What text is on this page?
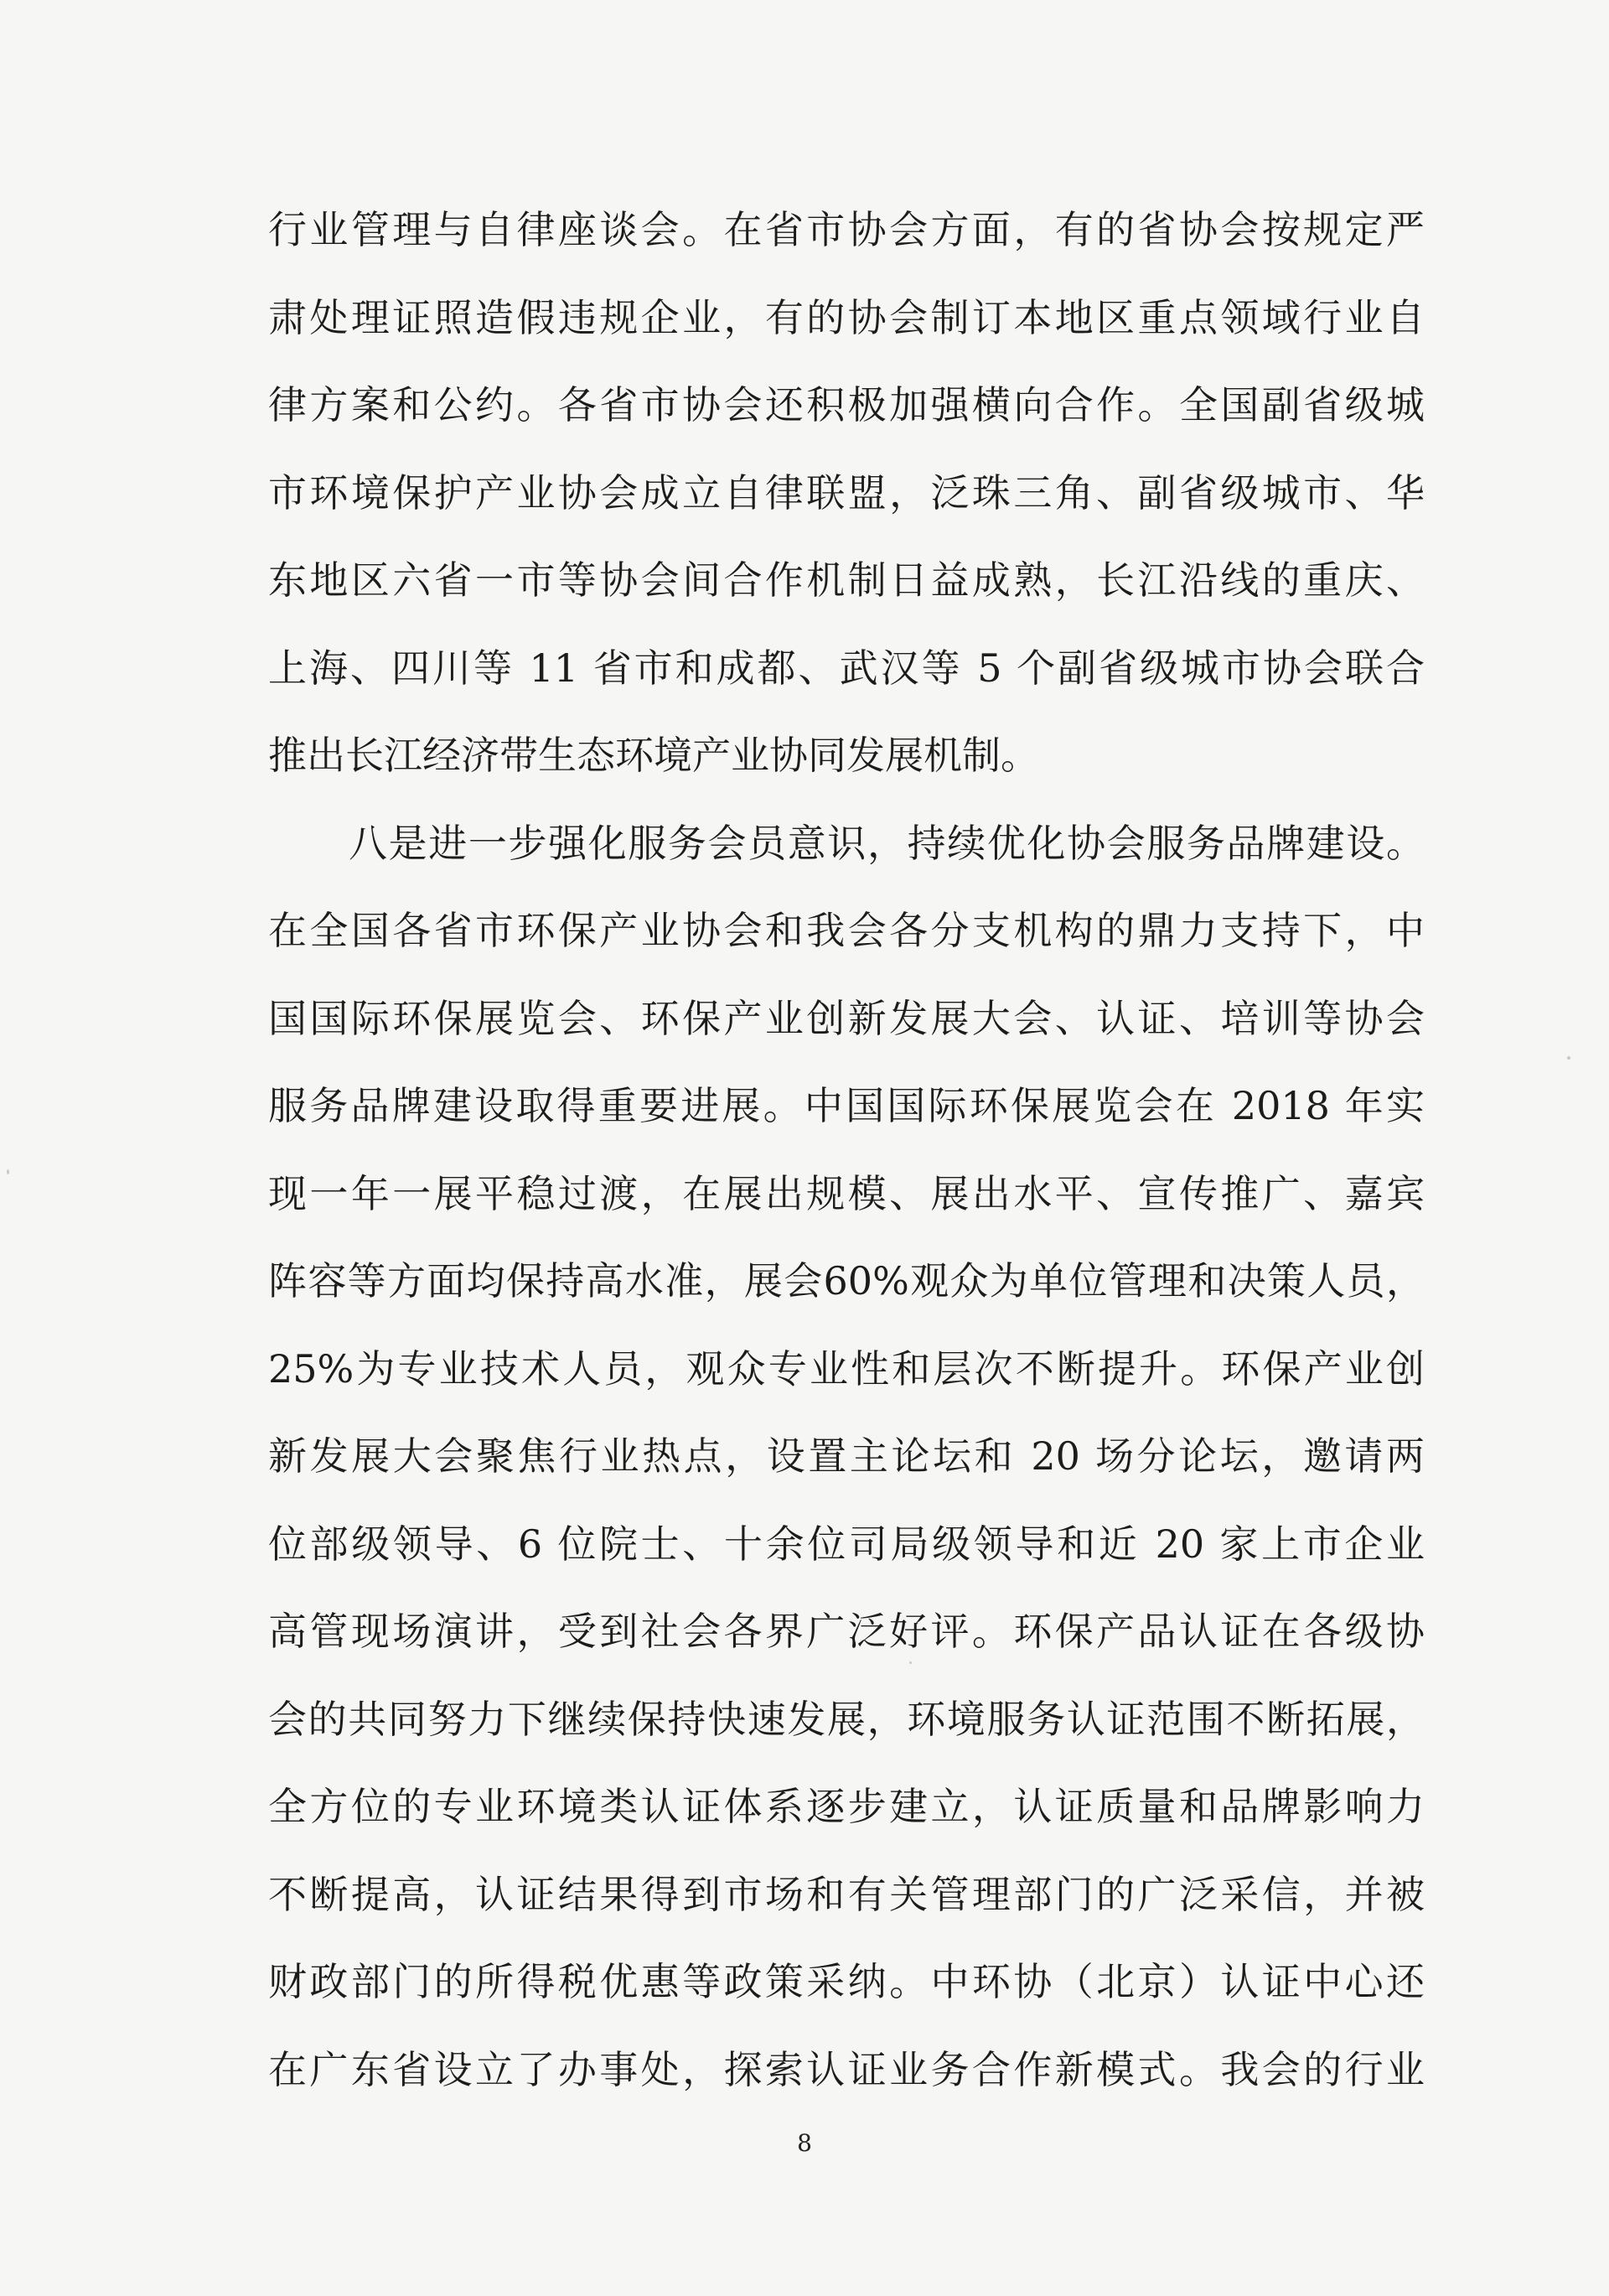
行业管理与自律座谈会。在省市协会方面，有的省协会按规定严
肃处理证照造假违规企业，有的协会制订本地区重点领域行业自
律方案和公约。各省市协会还积极加强横向合作。全国副省级城
市环境保护产业协会成立自律联盟，泛珠三角、副省级城市、华
东地区六省一市等协会间合作机制日益成熟，长江沿线的重庆、
上海、四川等 11 省市和成都、武汉等 5 个副省级城市协会联合
推出长江经济带生态环境产业协同发展机制。
八是进一步强化服务会员意识，持续优化协会服务品牌建设。
在全国各省市环保产业协会和我会各分支机构的鼎力支持下，中
国国际环保展览会、环保产业创新发展大会、认证、培训等协会
服务品牌建设取得重要进展。中国国际环保展览会在 2018 年实
现一年一展平稳过渡，在展出规模、展出水平、宣传推广、嘉宾
阵容等方面均保持高水准，展会60%观众为单位管理和决策人员，
25%为专业技术人员，观众专业性和层次不断提升。环保产业创
新发展大会聚焦行业热点，设置主论坛和 20 场分论坛，邀请两
位部级领导、6 位院士、十余位司局级领导和近 20 家上市企业
高管现场演讲，受到社会各界广泛好评。环保产品认证在各级协
会的共同努力下继续保持快速发展，环境服务认证范围不断拓展，
全方位的专业环境类认证体系逐步建立，认证质量和品牌影响力
不断提高，认证结果得到市场和有关管理部门的广泛采信，并被
财政部门的所得税优惠等政策采纳。中环协（北京）认证中心还
在广东省设立了办事处，探索认证业务合作新模式。我会的行业
8
